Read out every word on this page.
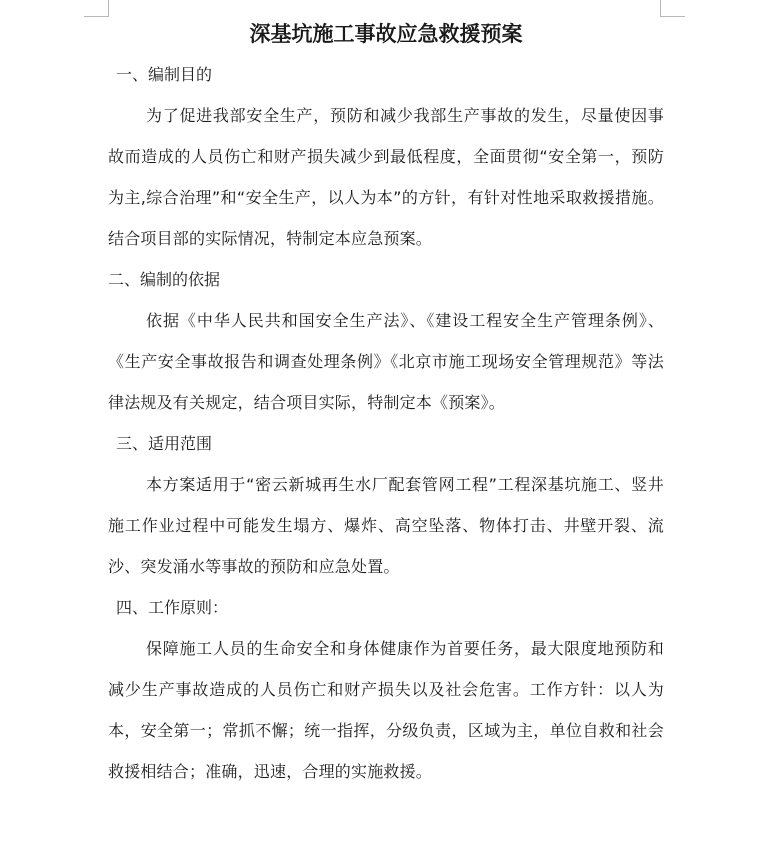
深基坑施工事故应急救援预案
一、编制目的

为了促进我部安全生产，预防和减少我部生产事故的发生，尽量使因事故而造成的人员伤亡和财产损失减少到最低程度，全面贯彻“安全第一，预防为主,综合治理”和“安全生产，以人为本”的方针，有针对性地采取救援措施。结合项目部的实际情况，特制定本应急预案。

二、编制的依据

依据《中华人民共和国安全生产法》、《建设工程安全生产管理条例》、《生产安全事故报告和调查处理条例》《北京市施工现场安全管理规范》等法律法规及有关规定，结合项目实际，特制定本《预案》。

三、适用范围

本方案适用于“密云新城再生水厂配套管网工程”工程深基坑施工、竖井施工作业过程中可能发生塌方、爆炸、高空坠落、物体打击、井壁开裂、流沙、突发涌水等事故的预防和应急处置。

四、工作原则：

保障施工人员的生命安全和身体健康作为首要任务，最大限度地预防和减少生产事故造成的人员伤亡和财产损失以及社会危害。工作方针：以人为本，安全第一；常抓不懈；统一指挥，分级负责，区域为主，单位自救和社会救援相结合；准确，迅速，合理的实施救援。
